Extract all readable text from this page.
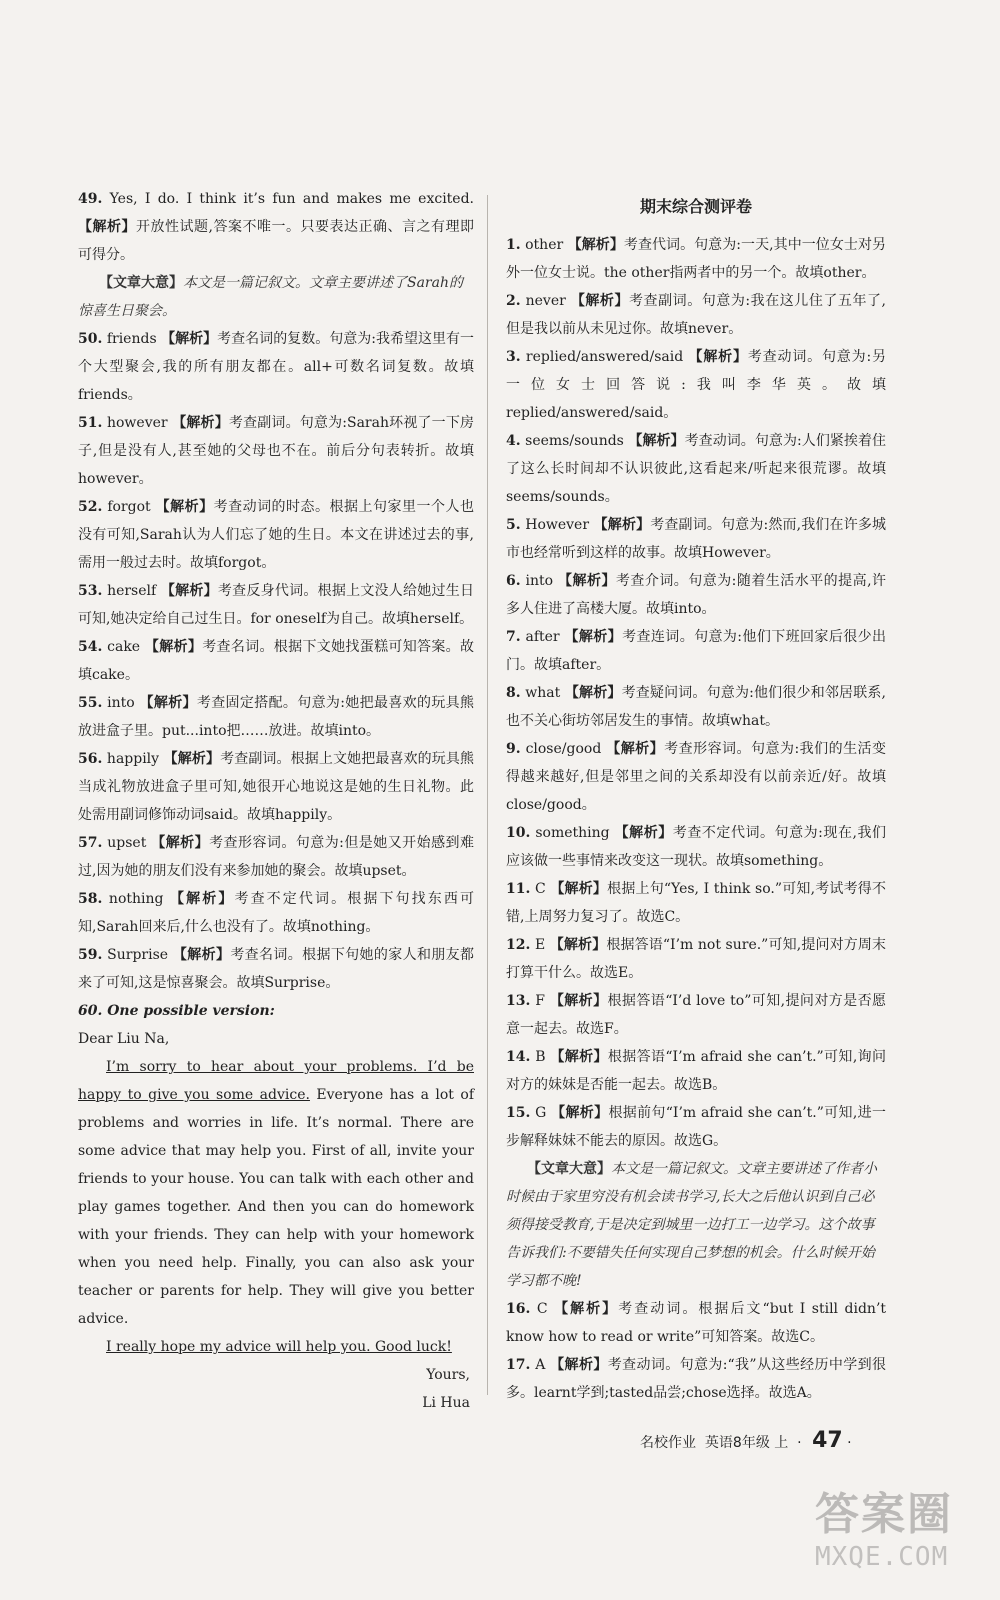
49. Yes, I do. I think it’s fun and makes me excited. 【解析】开放性试题,答案不唯一。只要表达正确、言之有理即可得分。

【文章大意】本文是一篇记叙文。文章主要讲述了Sarah的惊喜生日聚会。

50. friends 【解析】考查名词的复数。句意为:我希望这里有一个大型聚会,我的所有朋友都在。all+可数名词复数。故填friends。

51. however 【解析】考查副词。句意为:Sarah环视了一下房子,但是没有人,甚至她的父母也不在。前后分句表转折。故填however。

52. forgot 【解析】考查动词的时态。根据上句家里一个人也没有可知,Sarah认为人们忘了她的生日。本文在讲述过去的事,需用一般过去时。故填forgot。

53. herself 【解析】考查反身代词。根据上文没人给她过生日可知,她决定给自己过生日。for oneself为自己。故填herself。

54. cake 【解析】考查名词。根据下文她找蛋糕可知答案。故填cake。

55. into 【解析】考查固定搭配。句意为:她把最喜欢的玩具熊放进盒子里。put...into把……放进。故填into。

56. happily 【解析】考查副词。根据上文她把最喜欢的玩具熊当成礼物放进盒子里可知,她很开心地说这是她的生日礼物。此处需用副词修饰动词said。故填happily。

57. upset 【解析】考查形容词。句意为:但是她又开始感到难过,因为她的朋友们没有来参加她的聚会。故填upset。

58. nothing 【解析】考查不定代词。根据下句找东西可知,Sarah回来后,什么也没有了。故填nothing。

59. Surprise 【解析】考查名词。根据下句她的家人和朋友都来了可知,这是惊喜聚会。故填Surprise。

60. One possible version:

Dear Liu Na,

I’m sorry to hear about your problems. I’d be happy to give you some advice. Everyone has a lot of problems and worries in life. It’s normal. There are some advice that may help you. First of all, invite your friends to your house. You can talk with each other and play games together. And then you can do homework with your friends. They can help with your homework when you need help. Finally, you can also ask your teacher or parents for help. They will give you better advice.

I really hope my advice will help you. Good luck!

Yours,

Li Hua

期末综合测评卷

1. other 【解析】考查代词。句意为:一天,其中一位女士对另外一位女士说。the other指两者中的另一个。故填other。

2. never 【解析】考查副词。句意为:我在这儿住了五年了,但是我以前从未见过你。故填never。

3. replied/answered/said 【解析】考查动词。句意为:另一位女士回答说:我叫李华英。故填replied/answered/said。

4. seems/sounds 【解析】考查动词。句意为:人们紧挨着住了这么长时间却不认识彼此,这看起来/听起来很荒谬。故填seems/sounds。

5. However 【解析】考查副词。句意为:然而,我们在许多城市也经常听到这样的故事。故填However。

6. into 【解析】考查介词。句意为:随着生活水平的提高,许多人住进了高楼大厦。故填into。

7. after 【解析】考查连词。句意为:他们下班回家后很少出门。故填after。

8. what 【解析】考查疑问词。句意为:他们很少和邻居联系,也不关心街坊邻居发生的事情。故填what。

9. close/good 【解析】考查形容词。句意为:我们的生活变得越来越好,但是邻里之间的关系却没有以前亲近/好。故填close/good。

10. something 【解析】考查不定代词。句意为:现在,我们应该做一些事情来改变这一现状。故填something。

11. C 【解析】根据上句“Yes, I think so.”可知,考试考得不错,上周努力复习了。故选C。

12. E 【解析】根据答语“I’m not sure.”可知,提问对方周末打算干什么。故选E。

13. F 【解析】根据答语“I’d love to”可知,提问对方是否愿意一起去。故选F。

14. B 【解析】根据答语“I’m afraid she can’t.”可知,询问对方的妹妹是否能一起去。故选B。

15. G 【解析】根据前句“I’m afraid she can’t.”可知,进一步解释妹妹不能去的原因。故选G。

【文章大意】本文是一篇记叙文。文章主要讲述了作者小时候由于家里穷没有机会读书学习,长大之后他认识到自己必须得接受教育,于是决定到城里一边打工一边学习。这个故事告诉我们:不要错失任何实现自己梦想的机会。什么时候开始学习都不晚!

16. C 【解析】考查动词。根据后文“but I still didn’t know how to read or write”可知答案。故选C。

17. A 【解析】考查动词。句意为:“我”从这些经历中学到很多。learnt学到;tasted品尝;chose选择。故选A。

名校作业 英语8年级 上 · 47 ·
答案圈
MXQE.COM
